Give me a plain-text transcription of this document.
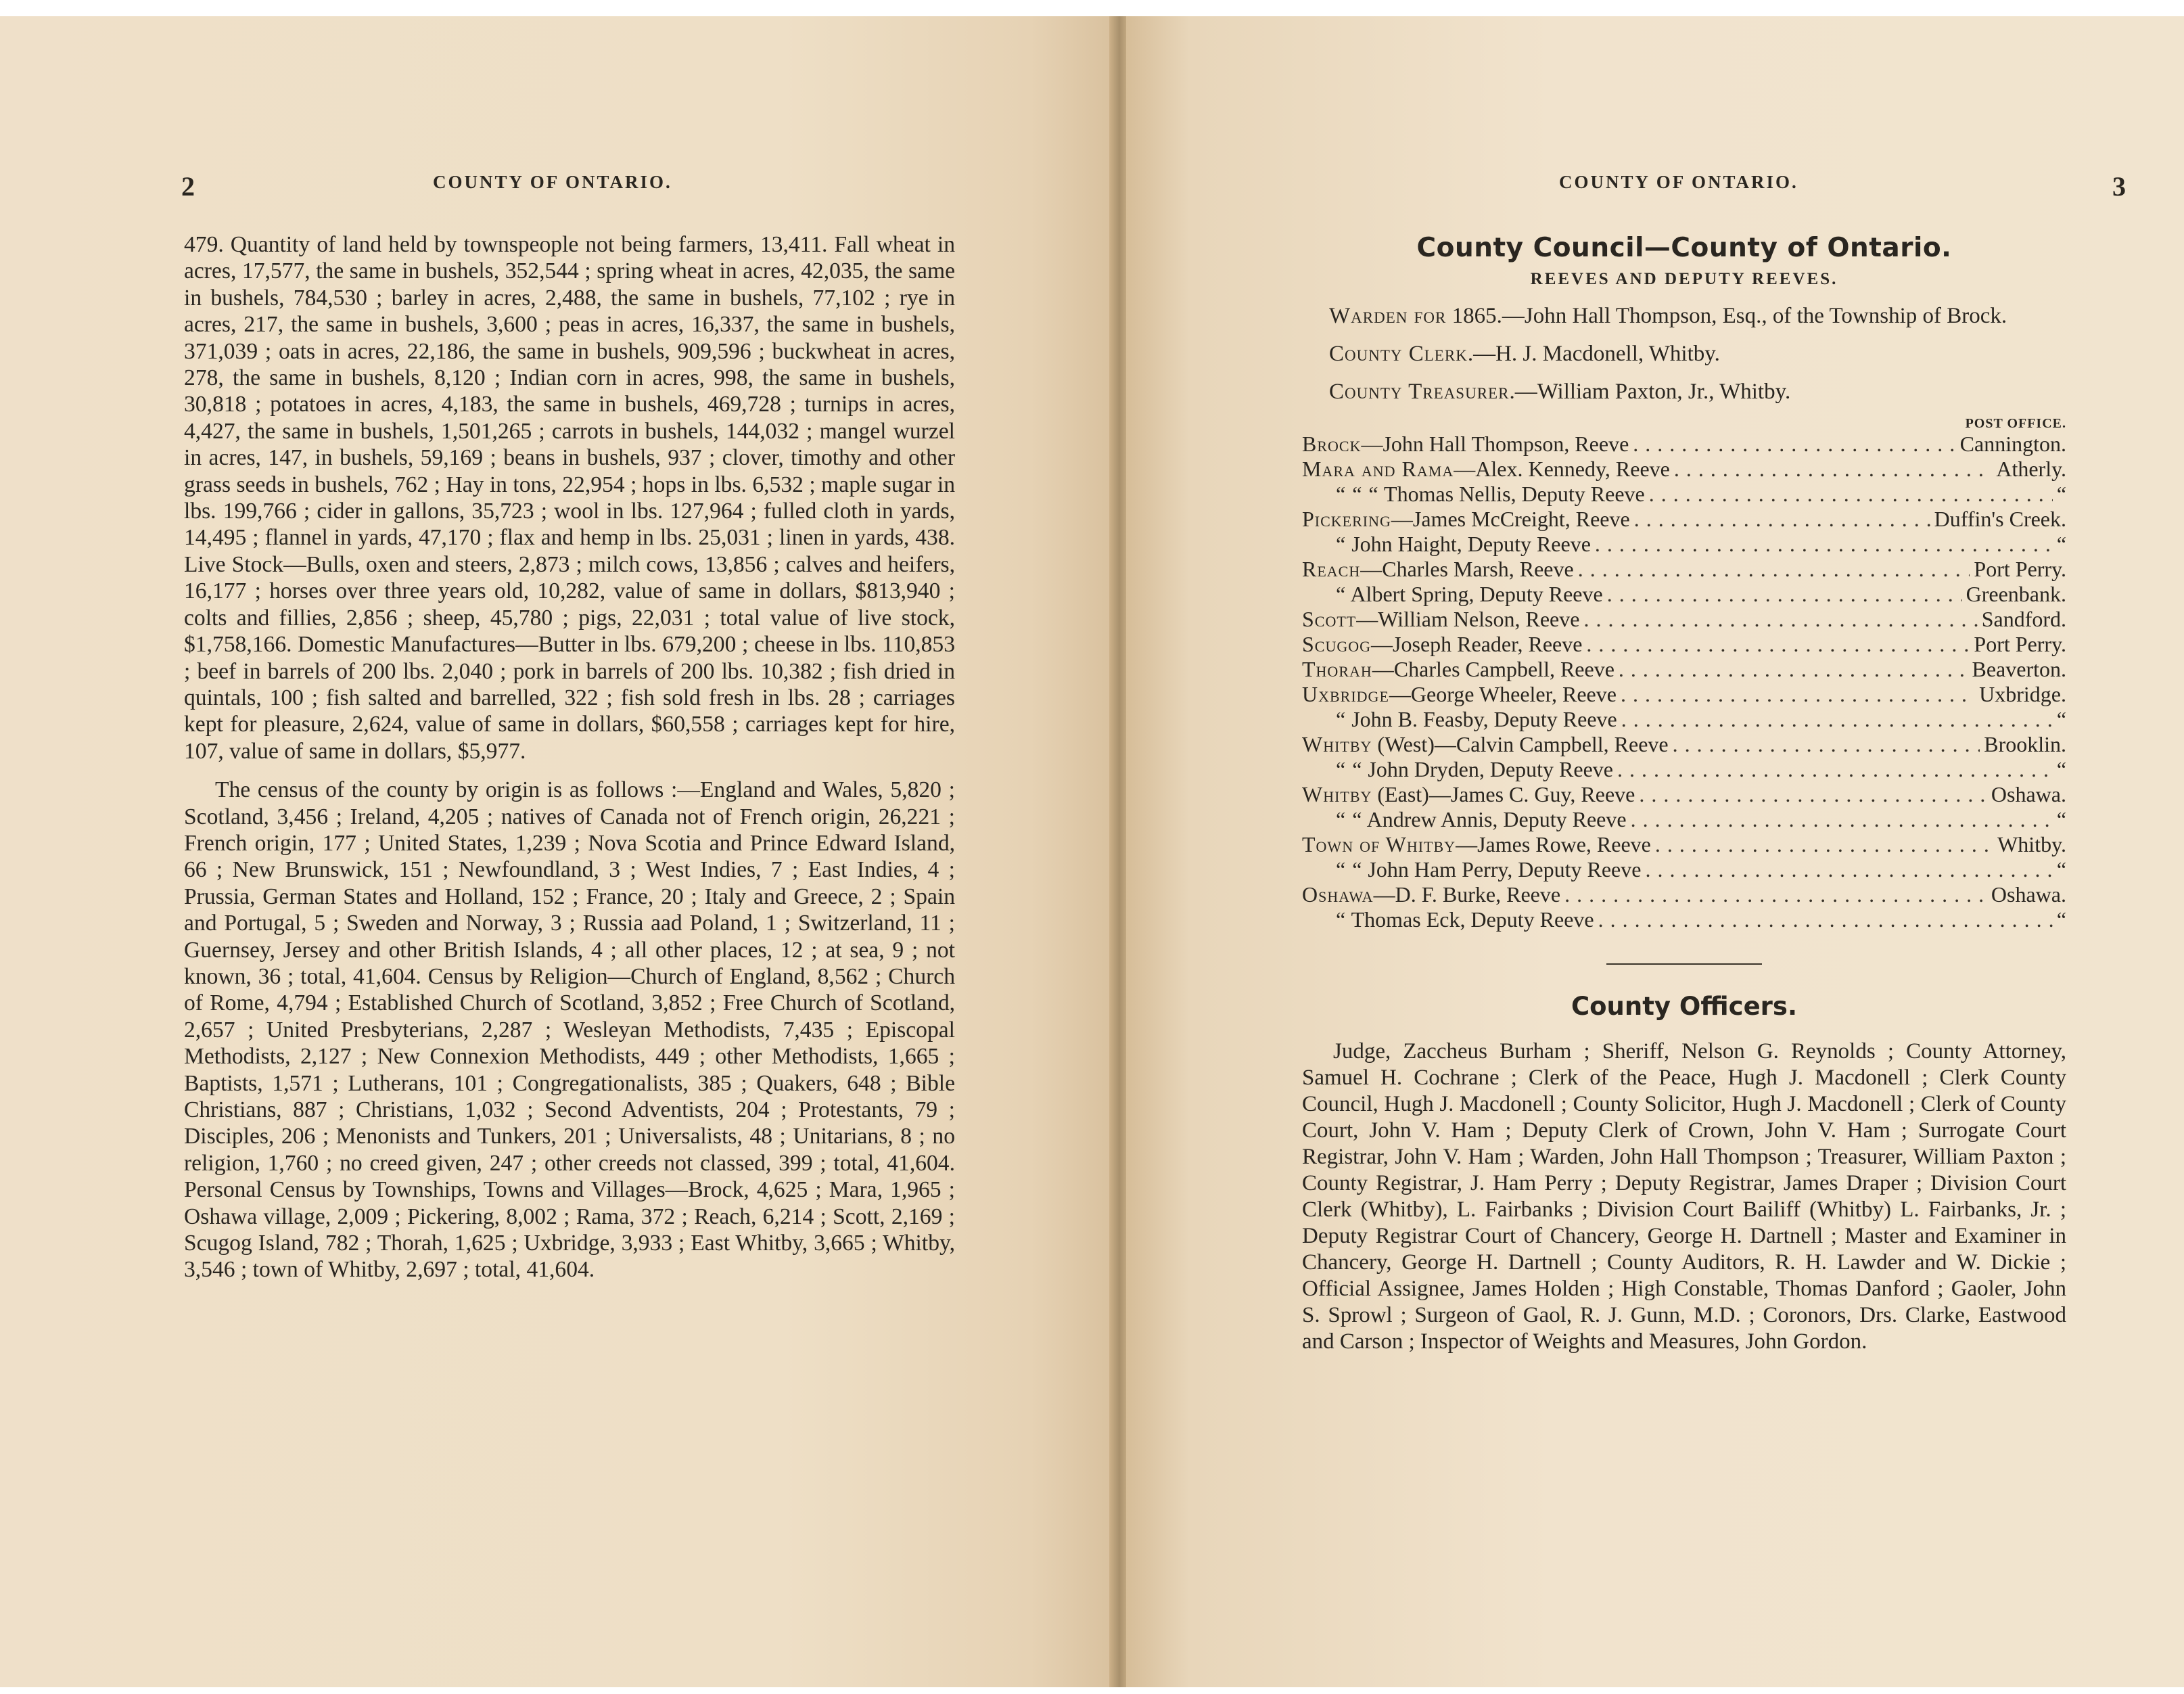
2	COUNTY OF ONTARIO.

479. Quantity of land held by townspeople not being farmers, 13,411. Fall wheat in acres, 17,577, the same in bushels, 352,544 ; spring wheat in acres, 42,035, the same in bushels, 784,530 ; barley in acres, 2,488, the same in bushels, 77,102 ; rye in acres, 217, the same in bushels, 3,600 ; peas in acres, 16,337, the same in bushels, 371,039 ; oats in acres, 22,186, the same in bushels, 909,596 ; buckwheat in acres, 278, the same in bushels, 8,120 ; Indian corn in acres, 998, the same in bushels, 30,818 ; potatoes in acres, 4,183, the same in bushels, 469,728 ; turnips in acres, 4,427, the same in bushels, 1,501,265 ; carrots in bushels, 144,032 ; mangel wurzel in acres, 147, in bushels, 59,169 ; beans in bushels, 937 ; clover, timothy and other grass seeds in bushels, 762 ; Hay in tons, 22,954 ; hops in lbs. 6,532 ; maple sugar in lbs. 199,766 ; cider in gallons, 35,723 ; wool in lbs. 127,964 ; fulled cloth in yards, 14,495 ; flannel in yards, 47,170 ; flax and hemp in lbs. 25,031 ; linen in yards, 438. Live Stock—Bulls, oxen and steers, 2,873 ; milch cows, 13,856 ; calves and heifers, 16,177 ; horses over three years old, 10,282, value of same in dollars, $813,940 ; colts and fillies, 2,856 ; sheep, 45,780 ; pigs, 22,031 ; total value of live stock, $1,758,166. Domestic Manufactures—Butter in lbs. 679,200 ; cheese in lbs. 110,853 ; beef in barrels of 200 lbs. 2,040 ; pork in barrels of 200 lbs. 10,382 ; fish dried in quintals, 100 ; fish salted and barrelled, 322 ; fish sold fresh in lbs. 28 ; carriages kept for pleasure, 2,624, value of same in dollars, $60,558 ; carriages kept for hire, 107, value of same in dollars, $5,977.

The census of the county by origin is as follows :—England and Wales, 5,820 ; Scotland, 3,456 ; Ireland, 4,205 ; natives of Canada not of French origin, 26,221 ; French origin, 177 ; United States, 1,239 ; Nova Scotia and Prince Edward Island, 66 ; New Brunswick, 151 ; Newfoundland, 3 ; West Indies, 7 ; East Indies, 4 ; Prussia, German States and Holland, 152 ; France, 20 ; Italy and Greece, 2 ; Spain and Portugal, 5 ; Sweden and Norway, 3 ; Russia aad Poland, 1 ; Switzerland, 11 ; Guernsey, Jersey and other British Islands, 4 ; all other places, 12 ; at sea, 9 ; not known, 36 ; total, 41,604. Census by Religion—Church of England, 8,562 ; Church of Rome, 4,794 ; Established Church of Scotland, 3,852 ; Free Church of Scotland, 2,657 ; United Presbyterians, 2,287 ; Wesleyan Methodists, 7,435 ; Episcopal Methodists, 2,127 ; New Connexion Methodists, 449 ; other Methodists, 1,665 ; Baptists, 1,571 ; Lutherans, 101 ; Congregationalists, 385 ; Quakers, 648 ; Bible Christians, 887 ; Christians, 1,032 ; Second Adventists, 204 ; Protestants, 79 ; Disciples, 206 ; Menonists and Tunkers, 201 ; Universalists, 48 ; Unitarians, 8 ; no religion, 1,760 ; no creed given, 247 ; other creeds not classed, 399 ; total, 41,604. Personal Census by Townships, Towns and Villages—Brock, 4,625 ; Mara, 1,965 ; Oshawa village, 2,009 ; Pickering, 8,002 ; Rama, 372 ; Reach, 6,214 ; Scott, 2,169 ; Scugog Island, 782 ; Thorah, 1,625 ; Uxbridge, 3,933 ; East Whitby, 3,665 ; Whitby, 3,546 ; town of Whitby, 2,697 ; total, 41,604.

COUNTY OF ONTARIO.	3
County Council—County of Ontario.
REEVES AND DEPUTY REEVES.

Warden for 1865.—John Hall Thompson, Esq., of the Township of Brock.

County Clerk.—H. J. Macdonell, Whitby.

County Treasurer.—William Paxton, Jr., Whitby.

POST OFFICE.
Brock—John Hall Thompson, Reeve . . .	Cannington.
Mara and Rama—Alex. Kennedy, Reeve . . .	Atherly.
“ “ “ Thomas Nellis, Deputy Reeve . . .	“
Pickering—James McCreight, Reeve . . .	Duffin's Creek.
“ John Haight, Deputy Reeve . . .	“
Reach—Charles Marsh, Reeve . . .	Port Perry.
“ Albert Spring, Deputy Reeve . . .	Greenbank.
Scott—William Nelson, Reeve . . .	Sandford.
Scugog—Joseph Reader, Reeve . . .	Port Perry.
Thorah—Charles Campbell, Reeve . . .	Beaverton.
Uxbridge—George Wheeler, Reeve . . .	Uxbridge.
“ John B. Feasby, Deputy Reeve . . .	“
Whitby (West)—Calvin Campbell, Reeve . . .	Brooklin.
“ “ John Dryden, Deputy Reeve . . .	“
Whitby (East)—James C. Guy, Reeve . . .	Oshawa.
“ “ Andrew Annis, Deputy Reeve . . .	“
Town of Whitby—James Rowe, Reeve . . .	Whitby.
“ “ John Ham Perry, Deputy Reeve . . .	“
Oshawa—D. F. Burke, Reeve . . .	Oshawa.
“ Thomas Eck, Deputy Reeve . . .	“
County Officers.

Judge, Zaccheus Burham ; Sheriff, Nelson G. Reynolds ; County Attorney, Samuel H. Cochrane ; Clerk of the Peace, Hugh J. Macdonell ; Clerk County Council, Hugh J. Macdonell ; County Solicitor, Hugh J. Macdonell ; Clerk of County Court, John V. Ham ; Deputy Clerk of Crown, John V. Ham ; Surrogate Court Registrar, John V. Ham ; Warden, John Hall Thompson ; Treasurer, William Paxton ; County Registrar, J. Ham Perry ; Deputy Registrar, James Draper ; Division Court Clerk (Whitby), L. Fairbanks ; Division Court Bailiff (Whitby) L. Fairbanks, Jr. ; Deputy Registrar Court of Chancery, George H. Dartnell ; Master and Examiner in Chancery, George H. Dartnell ; County Auditors, R. H. Lawder and W. Dickie ; Official Assignee, James Holden ; High Constable, Thomas Danford ; Gaoler, John S. Sprowl ; Surgeon of Gaol, R. J. Gunn, M.D. ; Coronors, Drs. Clarke, Eastwood and Carson ; Inspector of Weights and Measures, John Gordon.
